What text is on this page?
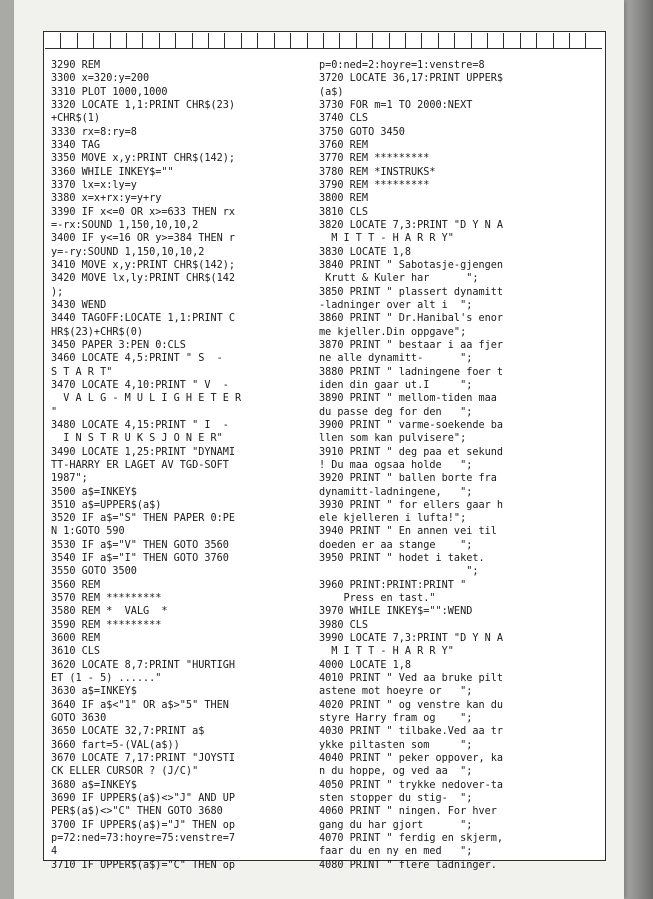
3290 REM
3300 x=320:y=200
3310 PLOT 1000,1000
3320 LOCATE 1,1:PRINT CHR$(23)
+CHR$(1)
3330 rx=8:ry=8
3340 TAG
3350 MOVE x,y:PRINT CHR$(142);
3360 WHILE INKEY$=""
3370 lx=x:ly=y
3380 x=x+rx:y=y+ry
3390 IF x<=0 OR x>=633 THEN rx
=-rx:SOUND 1,150,10,10,2
3400 IF y<=16 OR y>=384 THEN r
y=-ry:SOUND 1,150,10,10,2
3410 MOVE x,y:PRINT CHR$(142);
3420 MOVE lx,ly:PRINT CHR$(142
);
3430 WEND
3440 TAGOFF:LOCATE 1,1:PRINT C
HR$(23)+CHR$(0)
3450 PAPER 3:PEN 0:CLS
3460 LOCATE 4,5:PRINT " S  -
S T A R T"
3470 LOCATE 4,10:PRINT " V  -
V A L G - M U L I G H E T E R
"
3480 LOCATE 4,15:PRINT " I  -
I N S T R U K S J O N E R"
3490 LOCATE 1,25:PRINT "DYNAMI
TT-HARRY ER LAGET AV TGD-SOFT
1987";
3500 a$=INKEY$
3510 a$=UPPER$(a$)
3520 IF a$="S" THEN PAPER 0:PE
N 1:GOTO 590
3530 IF a$="V" THEN GOTO 3560
3540 IF a$="I" THEN GOTO 3760
3550 GOTO 3500
3560 REM
3570 REM *********
3580 REM *  VALG  *
3590 REM *********
3600 REM
3610 CLS
3620 LOCATE 8,7:PRINT "HURTIGH
ET (1 - 5) ......"
3630 a$=INKEY$
3640 IF a$<"1" OR a$>"5" THEN
GOTO 3630
3650 LOCATE 32,7:PRINT a$
3660 fart=5-(VAL(a$))
3670 LOCATE 7,17:PRINT "JOYSTI
CK ELLER CURSOR ? (J/C)"
3680 a$=INKEY$
3690 IF UPPER$(a$)<>"J" AND UP
PER$(a$)<>"C" THEN GOTO 3680
3700 IF UPPER$(a$)="J" THEN op
p=72:ned=73:hoyre=75:venstre=7
4
3710 IF UPPER$(a$)="C" THEN op
p=0:ned=2:hoyre=1:venstre=8
3720 LOCATE 36,17:PRINT UPPER$
(a$)
3730 FOR m=1 TO 2000:NEXT
3740 CLS
3750 GOTO 3450
3760 REM
3770 REM *********
3780 REM *INSTRUKS*
3790 REM *********
3800 REM
3810 CLS
3820 LOCATE 7,3:PRINT "D Y N A
M I T T - H A R R Y"
3830 LOCATE 1,8
3840 PRINT " Sabotasje-gjengen
Krutt & Kuler har      ";
3850 PRINT " plassert dynamitt
-ladninger over alt i  ";
3860 PRINT " Dr.Hanibal's enor
me kjeller.Din oppgave";
3870 PRINT " bestaar i aa fjer
ne alle dynamitt-      ";
3880 PRINT " ladningene foer t
iden din gaar ut.I     ";
3890 PRINT " mellom-tiden maa
du passe deg for den   ";
3900 PRINT " varme-soekende ba
llen som kan pulvisere";
3910 PRINT " deg paa et sekund
! Du maa ogsaa holde   ";
3920 PRINT " ballen borte fra
dynamitt-ladningene,   ";
3930 PRINT " for ellers gaar h
ele kjelleren i lufta!";
3940 PRINT " En annen vei til
doeden er aa stange    ";
3950 PRINT " hodet i taket.
";
3960 PRINT:PRINT:PRINT "
Press en tast."
3970 WHILE INKEY$="":WEND
3980 CLS
3990 LOCATE 7,3:PRINT "D Y N A
M I T T - H A R R Y"
4000 LOCATE 1,8
4010 PRINT " Ved aa bruke pilt
astene mot hoeyre or   ";
4020 PRINT " og venstre kan du
styre Harry fram og    ";
4030 PRINT " tilbake.Ved aa tr
ykke piltasten som     ";
4040 PRINT " peker oppover, ka
n du hoppe, og ved aa  ";
4050 PRINT " trykke nedover-ta
sten stopper du stig-  ";
4060 PRINT " ningen. For hver
gang du har gjort      ";
4070 PRINT " ferdig en skjerm,
faar du en ny en med   ";
4080 PRINT " flere ladninger.
